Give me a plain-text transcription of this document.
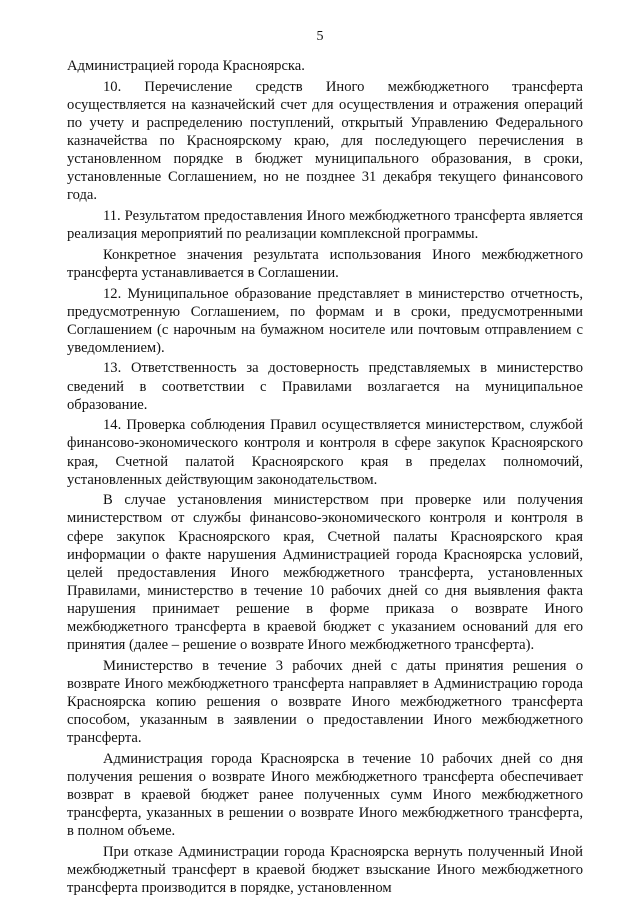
5

Администрацией города Красноярска.

10. Перечисление средств Иного межбюджетного трансферта осуществляется на казначейский счет для осуществления и отражения операций по учету и распределению поступлений, открытый Управлению Федерального казначейства по Красноярскому краю, для последующего перечисления в установленном порядке в бюджет муниципального образования, в сроки, установленные Соглашением, но не позднее 31 декабря текущего финансового года.

11. Результатом предоставления Иного межбюджетного трансферта является реализация мероприятий по реализации комплексной программы.

Конкретное значения результата использования Иного межбюджетного трансферта устанавливается в Соглашении.

12. Муниципальное образование представляет в министерство отчетность, предусмотренную Соглашением, по формам и в сроки, предусмотренными Соглашением (с нарочным на бумажном носителе или почтовым отправлением с уведомлением).

13. Ответственность за достоверность представляемых в министерство сведений в соответствии с Правилами возлагается на муниципальное образование.

14. Проверка соблюдения Правил осуществляется министерством, службой финансово-экономического контроля и контроля в сфере закупок Красноярского края, Счетной палатой Красноярского края в пределах полномочий, установленных действующим законодательством.

В случае установления министерством при проверке или получения министерством от службы финансово-экономического контроля и контроля в сфере закупок Красноярского края, Счетной палаты Красноярского края информации о факте нарушения Администрацией города Красноярска условий, целей предоставления Иного межбюджетного трансферта, установленных Правилами, министерство в течение 10 рабочих дней со дня выявления факта нарушения принимает решение в форме приказа о возврате Иного межбюджетного трансферта в краевой бюджет с указанием оснований для его принятия (далее – решение о возврате Иного межбюджетного трансферта).

Министерство в течение 3 рабочих дней с даты принятия решения о возврате Иного межбюджетного трансферта направляет в Администрацию города Красноярска копию решения о возврате Иного межбюджетного трансферта способом, указанным в заявлении о предоставлении Иного межбюджетного трансферта.

Администрация города Красноярска в течение 10 рабочих дней со дня получения решения о возврате Иного межбюджетного трансферта обеспечивает возврат в краевой бюджет ранее полученных сумм Иного межбюджетного трансферта, указанных в решении о возврате Иного межбюджетного трансферта, в полном объеме.

При отказе Администрации города Красноярска вернуть полученный Иной межбюджетный трансферт в краевой бюджет взыскание Иного межбюджетного трансферта производится в порядке, установленном
